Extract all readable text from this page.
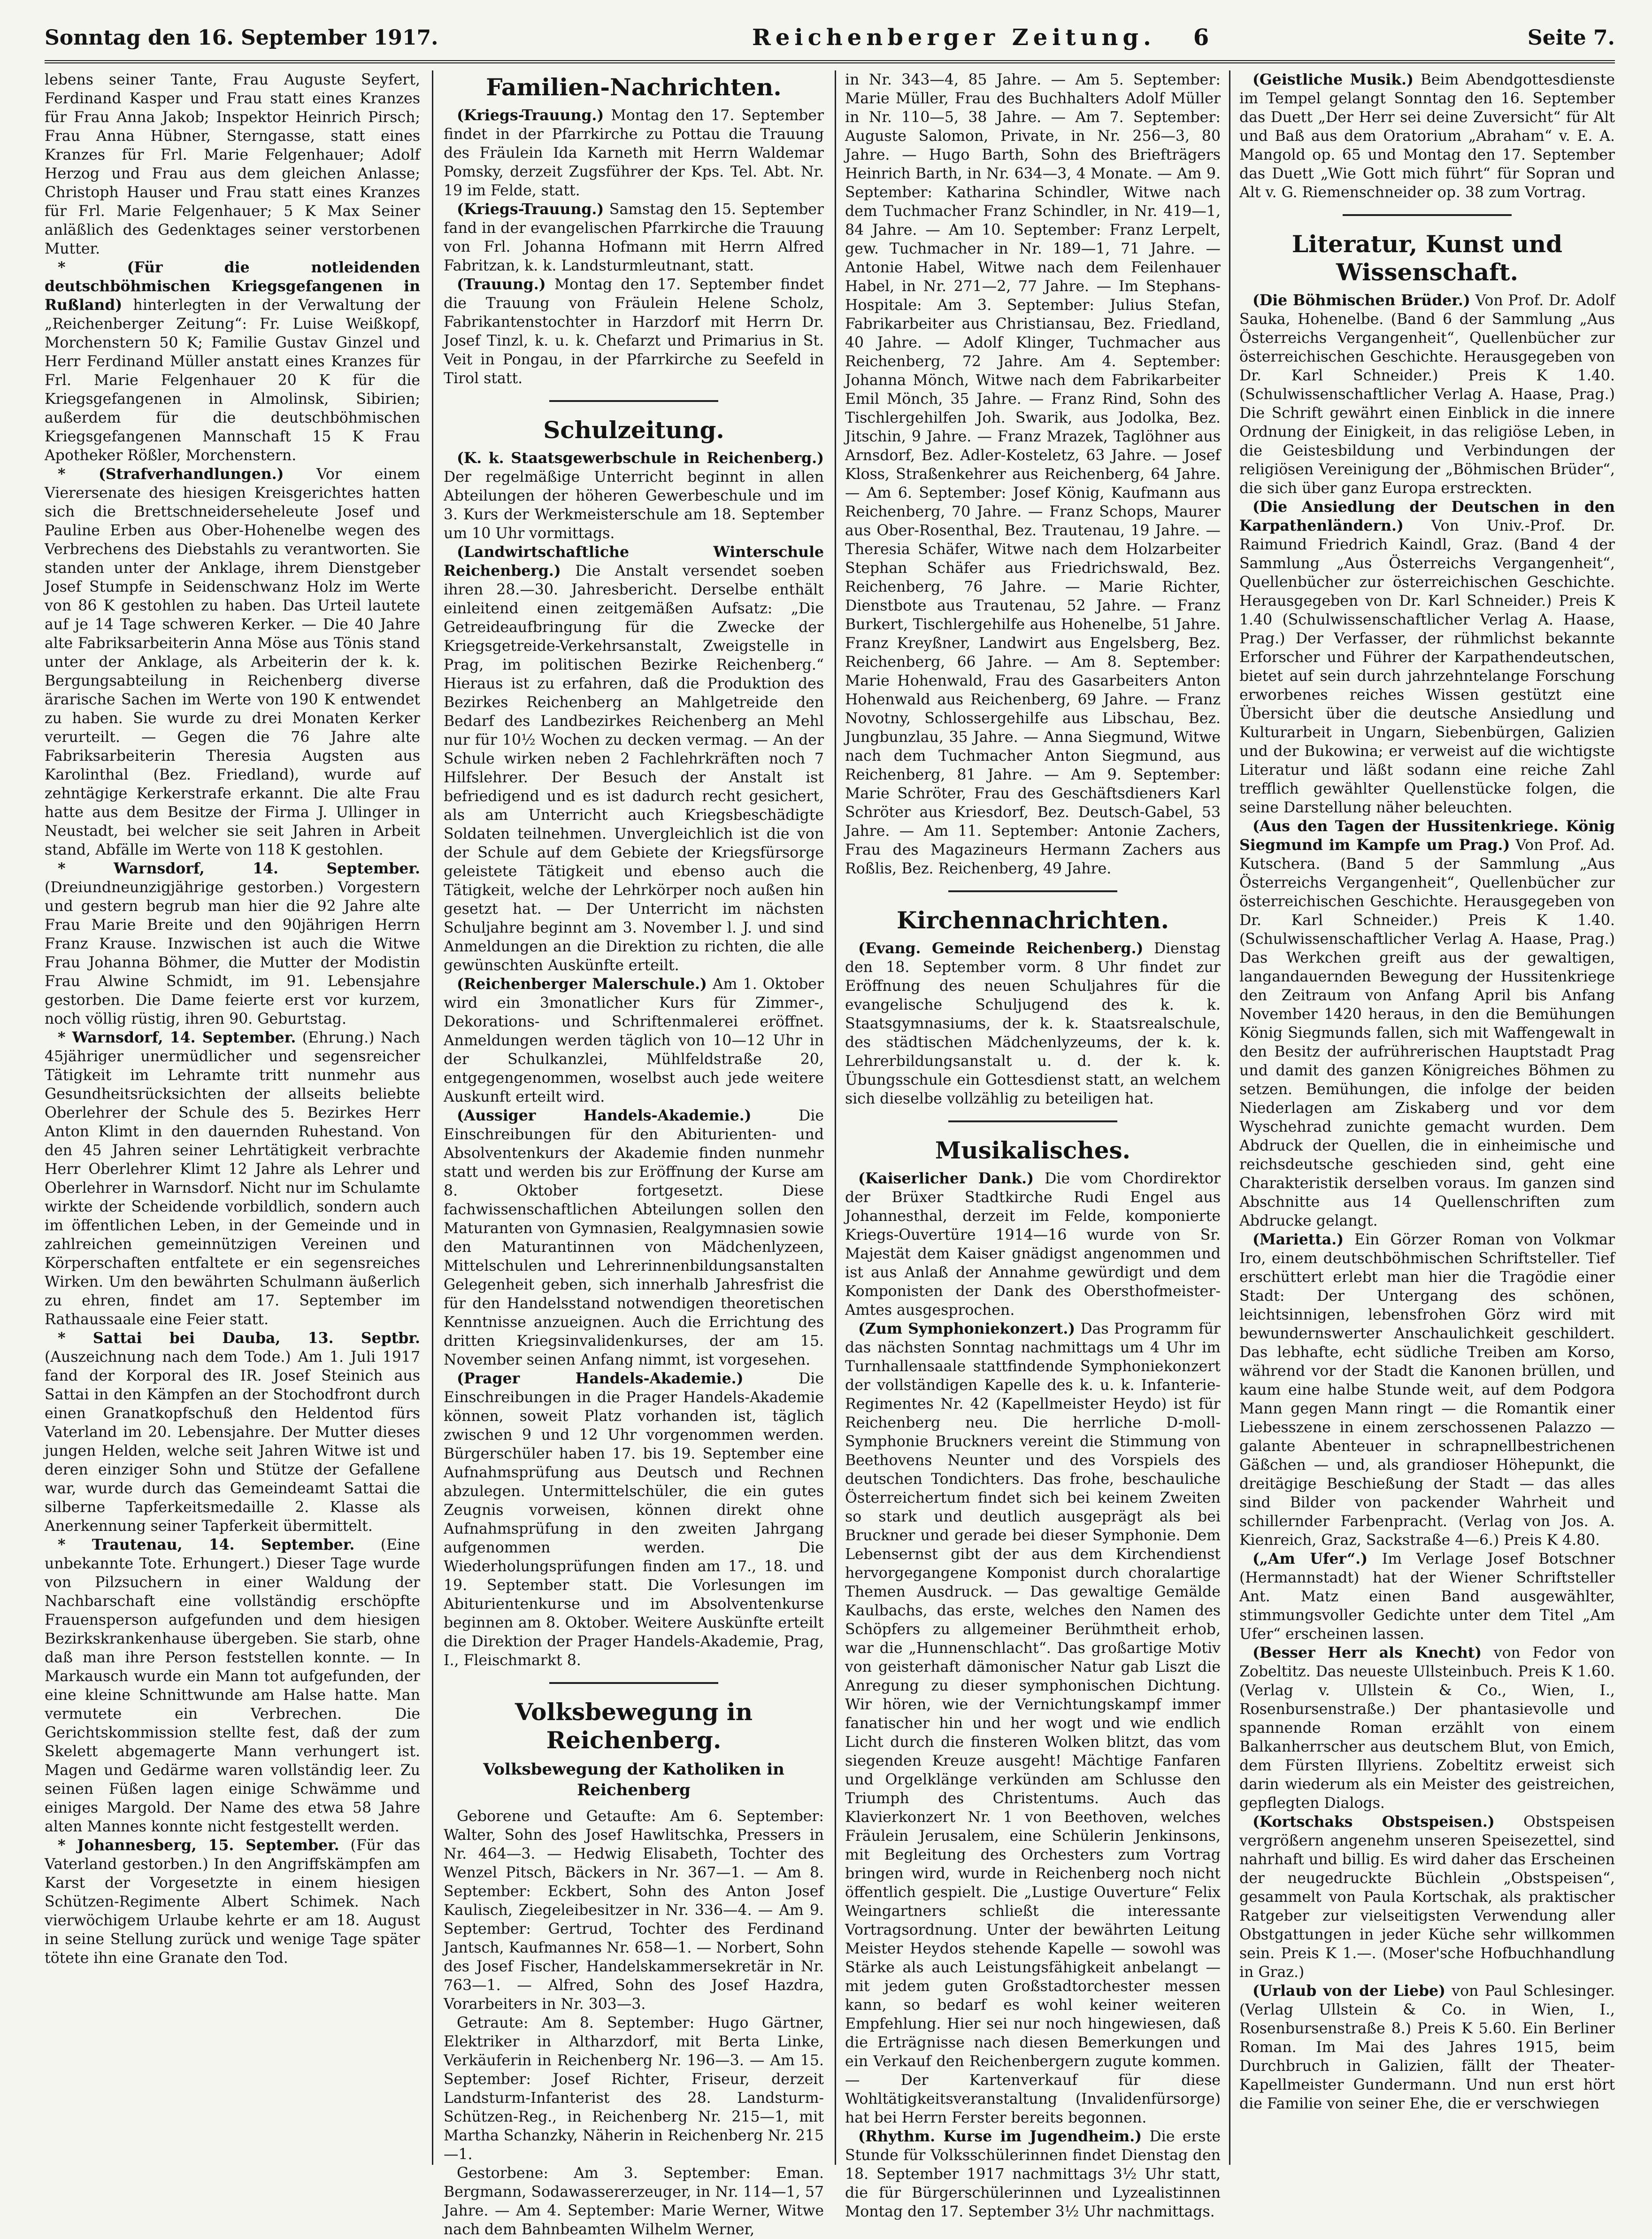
Sonntag den 16. September 1917.	Reichenberger Zeitung. 6	Seite 7.

lebens seiner Tante, Frau Auguste Seyfert, Ferdinand Kasper und Frau statt eines Kranzes für Frau Anna Jakob; Inspektor Heinrich Pirsch; Frau Anna Hübner, Sterngasse, statt eines Kranzes für Frl. Marie Felgenhauer; Adolf Herzog und Frau aus dem gleichen Anlasse; Christoph Hauser und Frau statt eines Kranzes für Frl. Marie Felgenhauer; 5 K Max Seiner anläßlich des Gedenktages seiner verstorbenen Mutter.

* (Für die notleidenden deutschböhmischen Kriegsgefangenen in Rußland) hinterlegten in der Verwaltung der „Reichenberger Zeitung“: Fr. Luise Weißkopf, Morchenstern 50 K; Familie Gustav Ginzel und Herr Ferdinand Müller anstatt eines Kranzes für Frl. Marie Felgenhauer 20 K für die Kriegsgefangenen in Almolinsk, Sibirien; außerdem für die deutschböhmischen Kriegsgefangenen Mannschaft 15 K Frau Apotheker Rößler, Morchenstern.

* (Strafverhandlungen.) Vor einem Vierersenate des hiesigen Kreisgerichtes hatten sich die Brettschneiderseheleute Josef und Pauline Erben aus Ober-Hohenelbe wegen des Verbrechens des Diebstahls zu verantworten. Sie standen unter der Anklage, ihrem Dienstgeber Josef Stumpfe in Seidenschwanz Holz im Werte von 86 K gestohlen zu haben. Das Urteil lautete auf je 14 Tage schweren Kerker. — Die 40 Jahre alte Fabriksarbeiterin Anna Möse aus Tönis stand unter der Anklage, als Arbeiterin der k. k. Bergungsabteilung in Reichenberg diverse ärarische Sachen im Werte von 190 K entwendet zu haben. Sie wurde zu drei Monaten Kerker verurteilt. — Gegen die 76 Jahre alte Fabriksarbeiterin Theresia Augsten aus Karolinthal (Bez. Friedland), wurde auf zehntägige Kerkerstrafe erkannt. Die alte Frau hatte aus dem Besitze der Firma J. Ullinger in Neustadt, bei welcher sie seit Jahren in Arbeit stand, Abfälle im Werte von 118 K gestohlen.

* Warnsdorf, 14. September. (Dreiundneunzigjährige gestorben.) Vorgestern und gestern begrub man hier die 92 Jahre alte Frau Marie Breite und den 90jährigen Herrn Franz Krause. Inzwischen ist auch die Witwe Frau Johanna Böhmer, die Mutter der Modistin Frau Alwine Schmidt, im 91. Lebensjahre gestorben. Die Dame feierte erst vor kurzem, noch völlig rüstig, ihren 90. Geburtstag.

* Warnsdorf, 14. September. (Ehrung.) Nach 45jähriger unermüdlicher und segensreicher Tätigkeit im Lehramte tritt nunmehr aus Gesundheitsrücksichten der allseits beliebte Oberlehrer der Schule des 5. Bezirkes Herr Anton Klimt in den dauernden Ruhestand. Von den 45 Jahren seiner Lehrtätigkeit verbrachte Herr Oberlehrer Klimt 12 Jahre als Lehrer und Oberlehrer in Warnsdorf. Nicht nur im Schulamte wirkte der Scheidende vorbildlich, sondern auch im öffentlichen Leben, in der Gemeinde und in zahlreichen gemeinnützigen Vereinen und Körperschaften entfaltete er ein segensreiches Wirken. Um den bewährten Schulmann äußerlich zu ehren, findet am 17. September im Rathaussaale eine Feier statt.

* Sattai bei Dauba, 13. Septbr. (Auszeichnung nach dem Tode.) Am 1. Juli 1917 fand der Korporal des IR. Josef Steinich aus Sattai in den Kämpfen an der Stochodfront durch einen Granatkopfschuß den Heldentod fürs Vaterland im 20. Lebensjahre. Der Mutter dieses jungen Helden, welche seit Jahren Witwe ist und deren einziger Sohn und Stütze der Gefallene war, wurde durch das Gemeindeamt Sattai die silberne Tapferkeitsmedaille 2. Klasse als Anerkennung seiner Tapferkeit übermittelt.

* Trautenau, 14. September. (Eine unbekannte Tote. Erhungert.) Dieser Tage wurde von Pilzsuchern in einer Waldung der Nachbarschaft eine vollständig erschöpfte Frauensperson aufgefunden und dem hiesigen Bezirkskrankenhause übergeben. Sie starb, ohne daß man ihre Person feststellen konnte. — In Markausch wurde ein Mann tot aufgefunden, der eine kleine Schnittwunde am Halse hatte. Man vermutete ein Verbrechen. Die Gerichtskommission stellte fest, daß der zum Skelett abgemagerte Mann verhungert ist. Magen und Gedärme waren vollständig leer. Zu seinen Füßen lagen einige Schwämme und einiges Margold. Der Name des etwa 58 Jahre alten Mannes konnte nicht festgestellt werden.

* Johannesberg, 15. September. (Für das Vaterland gestorben.) In den Angriffskämpfen am Karst der Vorgesetzte in einem hiesigen Schützen-Regimente Albert Schimek. Nach vierwöchigem Urlaube kehrte er am 18. August in seine Stellung zurück und wenige Tage später tötete ihn eine Granate den Tod.

Familien-Nachrichten.

(Kriegs-Trauung.) Montag den 17. September findet in der Pfarrkirche zu Pottau die Trauung des Fräulein Ida Karneth mit Herrn Waldemar Pomsky, derzeit Zugsführer der Kps. Tel. Abt. Nr. 19 im Felde, statt.

(Kriegs-Trauung.) Samstag den 15. September fand in der evangelischen Pfarrkirche die Trauung von Frl. Johanna Hofmann mit Herrn Alfred Fabritzan, k. k. Landsturmleutnant, statt.

(Trauung.) Montag den 17. September findet die Trauung von Fräulein Helene Scholz, Fabrikantenstochter in Harzdorf mit Herrn Dr. Josef Tinzl, k. u. k. Chefarzt und Primarius in St. Veit in Pongau, in der Pfarrkirche zu Seefeld in Tirol statt.

Schulzeitung.

(K. k. Staatsgewerbschule in Reichenberg.) Der regelmäßige Unterricht beginnt in allen Abteilungen der höheren Gewerbeschule und im 3. Kurs der Werkmeisterschule am 18. September um 10 Uhr vormittags.

(Landwirtschaftliche Winterschule Reichenberg.) Die Anstalt versendet soeben ihren 28.—30. Jahresbericht. Derselbe enthält einleitend einen zeitgemäßen Aufsatz: „Die Getreideaufbringung für die Zwecke der Kriegsgetreide-Verkehrsanstalt, Zweigstelle in Prag, im politischen Bezirke Reichenberg.“ Hieraus ist zu erfahren, daß die Produktion des Bezirkes Reichenberg an Mahlgetreide den Bedarf des Landbezirkes Reichenberg an Mehl nur für 10½ Wochen zu decken vermag. — An der Schule wirken neben 2 Fachlehrkräften noch 7 Hilfslehrer. Der Besuch der Anstalt ist befriedigend und es ist dadurch recht gesichert, als am Unterricht auch Kriegsbeschädigte Soldaten teilnehmen. Unvergleichlich ist die von der Schule auf dem Gebiete der Kriegsfürsorge geleistete Tätigkeit und ebenso auch die Tätigkeit, welche der Lehrkörper noch außen hin gesetzt hat. — Der Unterricht im nächsten Schuljahre beginnt am 3. November l. J. und sind Anmeldungen an die Direktion zu richten, die alle gewünschten Auskünfte erteilt.

(Reichenberger Malerschule.) Am 1. Oktober wird ein 3monatlicher Kurs für Zimmer-, Dekorations- und Schriftenmalerei eröffnet. Anmeldungen werden täglich von 10—12 Uhr in der Schulkanzlei, Mühlfeldstraße 20, entgegengenommen, woselbst auch jede weitere Auskunft erteilt wird.

(Aussiger Handels-Akademie.)	Die Einschreibungen für den Abiturienten- und Absolventenkurs der Akademie finden nunmehr statt und werden bis zur Eröffnung der Kurse am 8. Oktober fortgesetzt. Diese fachwissenschaftlichen Abteilungen sollen den Maturanten von Gymnasien, Realgymnasien sowie den Maturantinnen von Mädchenlyzeen, Mittelschulen und Lehrerinnenbildungsanstalten Gelegenheit geben, sich innerhalb Jahresfrist die für den Handelsstand notwendigen theoretischen Kenntnisse anzueignen. Auch die Errichtung des dritten Kriegsinvalidenkurses, der am 15. November seinen Anfang nimmt, ist vorgesehen.

(Prager Handels-Akademie.)	Die Einschreibungen in die Prager Handels-Akademie können, soweit Platz vorhanden ist, täglich zwischen 9 und 12 Uhr vorgenommen werden. Bürgerschüler haben 17. bis 19. September eine Aufnahmsprüfung aus Deutsch und Rechnen abzulegen. Untermittelschüler, die ein gutes Zeugnis vorweisen, können direkt ohne Aufnahmsprüfung in den zweiten Jahrgang aufgenommen werden. Die Wiederholungsprüfungen finden am 17., 18. und 19. September statt. Die Vorlesungen im Abiturientenkurse und im Absolventenkurse beginnen am 8. Oktober. Weitere Auskünfte erteilt die Direktion der Prager Handels-Akademie, Prag, I., Fleischmarkt 8.

Volksbewegung in Reichenberg.
Volksbewegung der Katholiken in Reichenberg

Geborene und Getaufte: Am 6. September: Walter, Sohn des Josef Hawlitschka, Pressers in Nr. 464—3. — Hedwig Elisabeth, Tochter des Wenzel Pitsch, Bäckers in Nr. 367—1. — Am 8. September: Eckbert, Sohn des Anton Josef Kaulisch, Ziegeleibesitzer in Nr. 336—4. — Am 9. September: Gertrud, Tochter des Ferdinand Jantsch, Kaufmannes Nr. 658—1. — Norbert, Sohn des Josef Fischer, Handelskammersekretär in Nr. 763—1. — Alfred, Sohn des Josef Hazdra, Vorarbeiters in Nr. 303—3.

Getraute: Am 8. September: Hugo Gärtner, Elektriker in Altharzdorf, mit Berta Linke, Verkäuferin in Reichenberg Nr. 196—3. — Am 15. September: Josef Richter, Friseur, derzeit Landsturm-Infanterist des 28. Landsturm-Schützen-Reg., in Reichenberg Nr. 215—1, mit Martha Schanzky, Näherin in Reichenberg Nr. 215—1.

Gestorbene: Am 3. September: Eman. Bergmann, Sodawassererzeuger, in Nr. 114—1, 57 Jahre. — Am 4. September: Marie Werner, Witwe nach dem Bahnbeamten Wilhelm Werner,

in Nr. 343—4, 85 Jahre. — Am 5. September: Marie Müller, Frau des Buchhalters Adolf Müller in Nr. 110—5, 38 Jahre. — Am 7. September: Auguste Salomon, Private, in Nr. 256—3, 80 Jahre. — Hugo Barth, Sohn des Briefträgers Heinrich Barth, in Nr. 634—3, 4 Monate. — Am 9. September: Katharina Schindler, Witwe nach dem Tuchmacher Franz Schindler, in Nr. 419—1, 84 Jahre. — Am 10. September: Franz Lerpelt, gew. Tuchmacher in Nr. 189—1, 71 Jahre. — Antonie Habel, Witwe nach dem Feilenhauer Habel, in Nr. 271—2, 77 Jahre. — Im Stephans-Hospitale: Am 3. September: Julius Stefan, Fabrikarbeiter aus Christiansau, Bez. Friedland, 40 Jahre. — Adolf Klinger, Tuchmacher aus Reichenberg, 72 Jahre. Am 4. September: Johanna Mönch, Witwe nach dem Fabrikarbeiter Emil Mönch, 35 Jahre. — Franz Rind, Sohn des Tischlergehilfen Joh. Swarik, aus Jodolka, Bez. Jitschin, 9 Jahre. — Franz Mrazek, Taglöhner aus Arnsdorf, Bez. Adler-Kosteletz, 63 Jahre. — Josef Kloss, Straßenkehrer aus Reichenberg, 64 Jahre. — Am 6. September: Josef König, Kaufmann aus Reichenberg, 70 Jahre. — Franz Schops, Maurer aus Ober-Rosenthal, Bez. Trautenau, 19 Jahre. — Theresia Schäfer, Witwe nach dem Holzarbeiter Stephan Schäfer aus Friedrichswald, Bez. Reichenberg, 76 Jahre. — Marie Richter, Dienstbote aus Trautenau, 52 Jahre. — Franz Burkert, Tischlergehilfe aus Hohenelbe, 51 Jahre. Franz Kreyßner, Landwirt aus Engelsberg, Bez. Reichenberg, 66 Jahre. — Am 8. September: Marie Hohenwald, Frau des Gasarbeiters Anton Hohenwald aus Reichenberg, 69 Jahre. — Franz Novotny, Schlossergehilfe aus Libschau, Bez. Jungbunzlau, 35 Jahre. — Anna Siegmund, Witwe nach dem Tuchmacher Anton Siegmund, aus Reichenberg, 81 Jahre. — Am 9. September: Marie Schröter, Frau des Geschäftsdieners Karl Schröter aus Kriesdorf, Bez. Deutsch-Gabel, 53 Jahre. — Am 11. September: Antonie Zachers, Frau des Magazineurs Hermann Zachers aus Roßlis, Bez. Reichenberg, 49 Jahre.

Kirchennachrichten.

(Evang. Gemeinde Reichenberg.) Dienstag den 18. September vorm. 8 Uhr findet zur Eröffnung des neuen Schuljahres für die evangelische Schuljugend des k. k. Staatsgymnasiums, der k. k. Staatsrealschule, des städtischen Mädchenlyzeums, der k. k. Lehrerbildungsanstalt u. d. der k. k. Übungsschule ein Gottesdienst statt, an welchem sich dieselbe vollzählig zu beteiligen hat.

Musikalisches.

(Kaiserlicher Dank.) Die vom Chordirektor der Brüxer Stadtkirche Rudi Engel aus Johannesthal, derzeit im Felde, komponierte Kriegs-Ouvertüre 1914—16 wurde von Sr. Majestät dem Kaiser gnädigst angenommen und ist aus Anlaß der Annahme gewürdigt und dem Komponisten der Dank des Obersthofmeister-Amtes ausgesprochen.

(Zum Symphoniekonzert.) Das Programm für das nächsten Sonntag nachmittags um 4 Uhr im Turnhallensaale stattfindende Symphoniekonzert der vollständigen Kapelle des k. u. k. Infanterie-Regimentes Nr. 42 (Kapellmeister Heydo) ist für Reichenberg neu. Die herrliche D-moll-Symphonie Bruckners vereint die Stimmung von Beethovens Neunter und des Vorspiels des deutschen Tondichters. Das frohe, beschauliche Österreichertum findet sich bei keinem Zweiten so stark und deutlich ausgeprägt als bei Bruckner und gerade bei dieser Symphonie. Dem Lebensernst gibt der aus dem Kirchendienst hervorgegangene Komponist durch choralartige Themen Ausdruck. — Das gewaltige Gemälde Kaulbachs, das erste, welches den Namen des Schöpfers zu allgemeiner Berühmtheit erhob, war die „Hunnenschlacht“. Das großartige Motiv von geisterhaft dämonischer Natur gab Liszt die Anregung zu dieser symphonischen Dichtung. Wir hören, wie der Vernichtungskampf immer fanatischer hin und her wogt und wie endlich Licht durch die finsteren Wolken blitzt, das vom siegenden Kreuze ausgeht! Mächtige Fanfaren und Orgelklänge verkünden am Schlusse den Triumph des Christentums. Auch das Klavierkonzert Nr. 1 von Beethoven, welches Fräulein Jerusalem, eine Schülerin Jenkinsons, mit Begleitung des Orchesters zum Vortrag bringen wird, wurde in Reichenberg noch nicht öffentlich gespielt. Die „Lustige Ouverture“ Felix Weingartners schließt die interessante Vortragsordnung. Unter der bewährten Leitung Meister Heydos stehende Kapelle — sowohl was Stärke als auch Leistungsfähigkeit anbelangt — mit jedem guten Großstadtorchester messen kann, so bedarf es wohl keiner weiteren Empfehlung. Hier sei nur noch hingewiesen, daß die Erträgnisse nach diesen Bemerkungen und ein Verkauf den Reichenbergern zugute kommen. — Der Kartenverkauf für diese Wohltätigkeitsveranstaltung (Invalidenfürsorge) hat bei Herrn Ferster bereits begonnen.

(Rhythm. Kurse im Jugendheim.) Die erste Stunde für Volksschülerinnen findet Dienstag den 18. September 1917 nachmittags 3½ Uhr statt, die für Bürgerschülerinnen und Lyzealistinnen Montag den 17. September 3½ Uhr nachmittags.

(Geistliche Musik.) Beim Abendgottesdienste im Tempel gelangt Sonntag den 16. September das Duett „Der Herr sei deine Zuversicht“ für Alt und Baß aus dem Oratorium „Abraham“ v. E. A. Mangold op. 65 und Montag den 17. September das Duett „Wie Gott mich führt“ für Sopran und Alt v. G. Riemenschneider op. 38 zum Vortrag.

Literatur, Kunst und Wissenschaft.

(Die Böhmischen Brüder.) Von Prof. Dr. Adolf Sauka, Hohenelbe. (Band 6 der Sammlung „Aus Österreichs Vergangenheit“, Quellenbücher zur österreichischen Geschichte. Herausgegeben von Dr. Karl Schneider.) Preis K 1.40. (Schulwissenschaftlicher Verlag A. Haase, Prag.) Die Schrift gewährt einen Einblick in die innere Ordnung der Einigkeit, in das religiöse Leben, in die Geistesbildung und Verbindungen der religiösen Vereinigung der „Böhmischen Brüder“, die sich über ganz Europa erstreckten.

(Die Ansiedlung der Deutschen in den Karpathenländern.) Von Univ.-Prof. Dr. Raimund Friedrich Kaindl, Graz. (Band 4 der Sammlung „Aus Österreichs Vergangenheit“, Quellenbücher zur österreichischen Geschichte. Herausgegeben von Dr. Karl Schneider.) Preis K 1.40 (Schulwissenschaftlicher Verlag A. Haase, Prag.) Der Verfasser, der rühmlichst bekannte Erforscher und Führer der Karpathendeutschen, bietet auf sein durch jahrzehntelange Forschung erworbenes reiches Wissen gestützt eine Übersicht über die deutsche Ansiedlung und Kulturarbeit in Ungarn, Siebenbürgen, Galizien und der Bukowina; er verweist auf die wichtigste Literatur und läßt sodann eine reiche Zahl trefflich gewählter Quellenstücke folgen, die seine Darstellung näher beleuchten.

(Aus den Tagen der Hussitenkriege. König Siegmund im Kampfe um Prag.) Von Prof. Ad. Kutschera. (Band 5 der Sammlung „Aus Österreichs Vergangenheit“, Quellenbücher zur österreichischen Geschichte. Herausgegeben von Dr. Karl Schneider.) Preis K 1.40. (Schulwissenschaftlicher Verlag A. Haase, Prag.) Das Werkchen greift aus der gewaltigen, langandauernden Bewegung der Hussitenkriege den Zeitraum von Anfang April bis Anfang November 1420 heraus, in den die Bemühungen König Siegmunds fallen, sich mit Waffengewalt in den Besitz der aufrührerischen Hauptstadt Prag und damit des ganzen Königreiches Böhmen zu setzen. Bemühungen, die infolge der beiden Niederlagen am Ziskaberg und vor dem Wyschehrad zunichte gemacht wurden. Dem Abdruck der Quellen, die in einheimische und reichsdeutsche geschieden sind, geht eine Charakteristik derselben voraus. Im ganzen sind Abschnitte aus 14 Quellenschriften zum Abdrucke gelangt.

(Marietta.) Ein Görzer Roman von Volkmar Iro, einem deutschböhmischen Schriftsteller. Tief erschüttert erlebt man hier die Tragödie einer Stadt: Der Untergang des schönen, leichtsinnigen, lebensfrohen Görz wird mit bewundernswerter Anschaulichkeit geschildert. Das lebhafte, echt südliche Treiben am Korso, während vor der Stadt die Kanonen brüllen, und kaum eine halbe Stunde weit, auf dem Podgora Mann gegen Mann ringt — die Romantik einer Liebesszene in einem zerschossenen Palazzo — galante Abenteuer in schrapnellbestrichenen Gäßchen — und, als grandioser Höhepunkt, die dreitägige Beschießung der Stadt — das alles sind Bilder von packender Wahrheit und schillernder Farbenpracht. (Verlag von Jos. A. Kienreich, Graz, Sackstraße 4—6.) Preis K 4.80.

(„Am Ufer“.) Im Verlage Josef Botschner (Hermannstadt) hat der Wiener Schriftsteller Ant. Matz einen Band ausgewählter, stimmungsvoller Gedichte unter dem Titel „Am Ufer“ erscheinen lassen.

(Besser Herr als Knecht) von Fedor von Zobeltitz. Das neueste Ullsteinbuch. Preis K 1.60. (Verlag v. Ullstein & Co., Wien, I., Rosenbursenstraße.) Der phantasievolle und spannende Roman erzählt von einem Balkanherrscher aus deutschem Blut, von Emich, dem Fürsten Illyriens. Zobeltitz erweist sich darin wiederum als ein Meister des geistreichen, gepflegten Dialogs.

(Kortschaks Obstspeisen.) Obstspeisen vergrößern angenehm unseren Speisezettel, sind nahrhaft und billig. Es wird daher das Erscheinen der neugedruckte Büchlein „Obstspeisen“, gesammelt von Paula Kortschak, als praktischer Ratgeber zur vielseitigsten Verwendung aller Obstgattungen in jeder Küche sehr willkommen sein. Preis K 1.—. (Moser'sche Hofbuchhandlung in Graz.)

(Urlaub von der Liebe) von Paul Schlesinger. (Verlag Ullstein & Co. in Wien, I., Rosenbursenstraße 8.) Preis K 5.60. Ein Berliner Roman. Im Mai des Jahres 1915, beim Durchbruch in Galizien, fällt der Theater-Kapellmeister Gundermann. Und nun erst hört die Familie von seiner Ehe, die er verschwiegen
